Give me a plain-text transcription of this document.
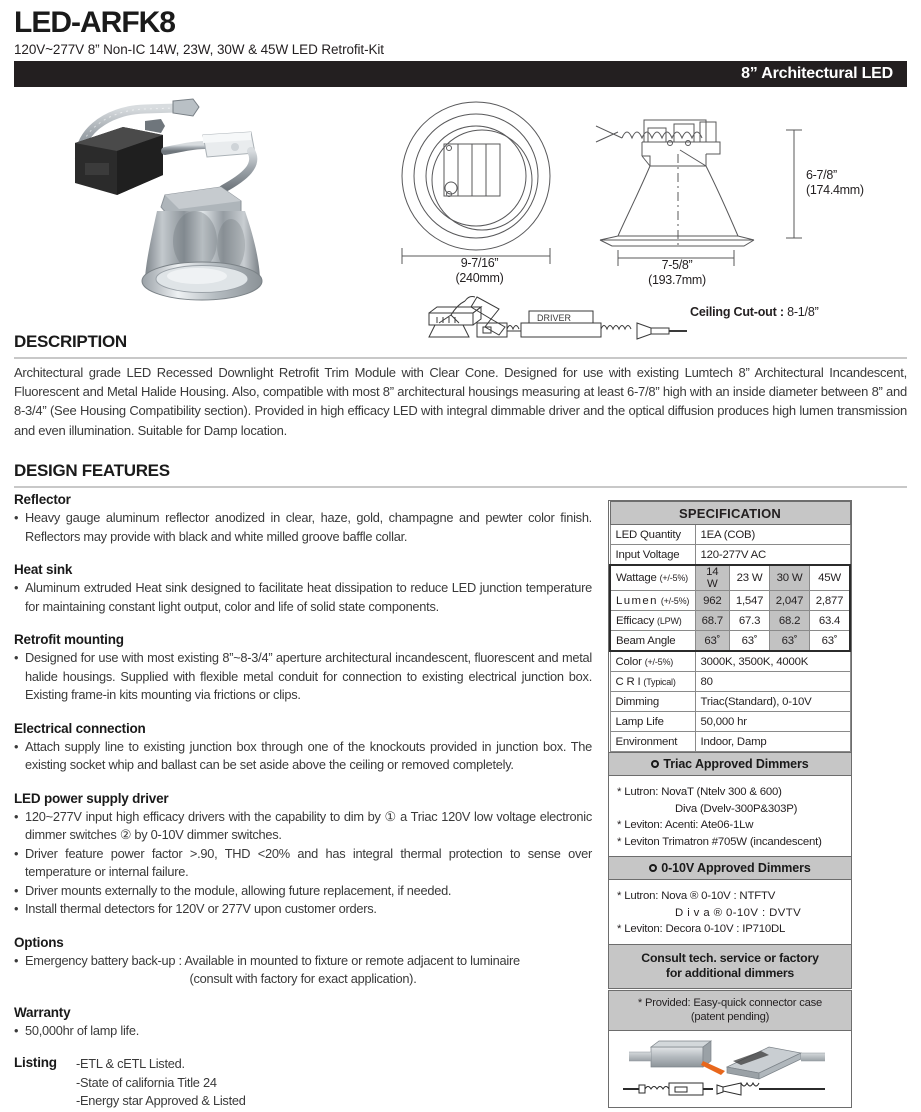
LED-ARFK8
120V~277V 8” Non-IC 14W, 23W, 30W & 45W LED Retrofit-Kit
8” Architectural LED
9-7/16”
(240mm)
7-5/8”
(193.7mm)
6-7/8”
(174.4mm)
DRIVER	Ceiling Cut-out : 8-1/8”
DESCRIPTION
Architectural grade LED Recessed Downlight Retrofit Trim Module with Clear Cone. Designed for use with existing Lumtech 8” Architectural Incandescent, Fluorescent and Metal Halide Housing. Also, compatible with most 8” architectural housings measuring at least 6-7/8” high with an inside diameter between 8” and 8-3/4” (See Housing Compatibility section). Provided in high efficacy LED with integral dimmable driver and the optical diffusion produces high lumen transmission and even illumination. Suitable for Damp location.
DESIGN FEATURES
Reflector
• Heavy gauge aluminum reflector anodized in clear, haze, gold, champagne and pewter color finish. Reflectors may provide with black and white milled groove baffle collar.
Heat sink
• Aluminum extruded Heat sink designed to facilitate heat dissipation to reduce LED junction temperature for maintaining constant light output, color and life of solid state components.
Retrofit mounting
• Designed for use with most existing 8”~8-3/4” aperture architectural incandescent, fluorescent and metal halide housings. Supplied with flexible metal conduit for connection to existing electrical junction box. Existing frame-in kits mounting via frictions or clips.
Electrical connection
• Attach supply line to existing junction box through one of the knockouts provided in junction box. The existing socket whip and ballast can be set aside above the ceiling or removed completely.
LED power supply driver
• 120~277V input high efficacy drivers with the capability to dim by ① a Triac 120V low voltage electronic dimmer switches ② by 0-10V dimmer switches.
• Driver feature power factor >.90, THD <20% and has integral thermal protection to sense over temperature or internal failure.
• Driver mounts externally to the module, allowing future replacement, if needed.
• Install thermal detectors for 120V or 277V upon customer orders.
Options
• Emergency battery back-up : Available in mounted to fixture or remote adjacent to luminaire
(consult with factory for exact application).
Warranty
• 50,000hr of lamp life.
Listing	-ETL & cETL Listed.
-State of california Title 24
-Energy star Approved & Listed
SPECIFICATION				
LED Quantity	1EA (COB)			
Input Voltage	120-277V AC			
Wattage (+/-5%)	14 W	23 W	30 W	45W
Lumen (+/-5%)	962	1,547	2,047	2,877
Efficacy (LPW)	68.7	67.3	68.2	63.4
Beam Angle	63˚	63˚	63˚	63˚
Color (+/-5%)	3000K, 3500K, 4000K			
C R I (Typical)	80			
Dimming	Triac(Standard), 0-10V			
Lamp Life	50,000 hr			
Environment	Indoor, Damp			
Triac Approved Dimmers
* Lutron: NovaT (Ntelv 300 & 600)
Diva (Dvelv-300P&303P)
* Leviton: Acenti: Ate06-1Lw
* Leviton Trimatron #705W (incandescent)
0-10V Approved Dimmers
* Lutron: Nova ® 0-10V : NTFTV
D i v a ® 0-10V : DVTV
* Leviton: Decora 0-10V : IP710DL
Consult tech. service or factory
for additional dimmers
* Provided: Easy-quick connector case
(patent pending)
